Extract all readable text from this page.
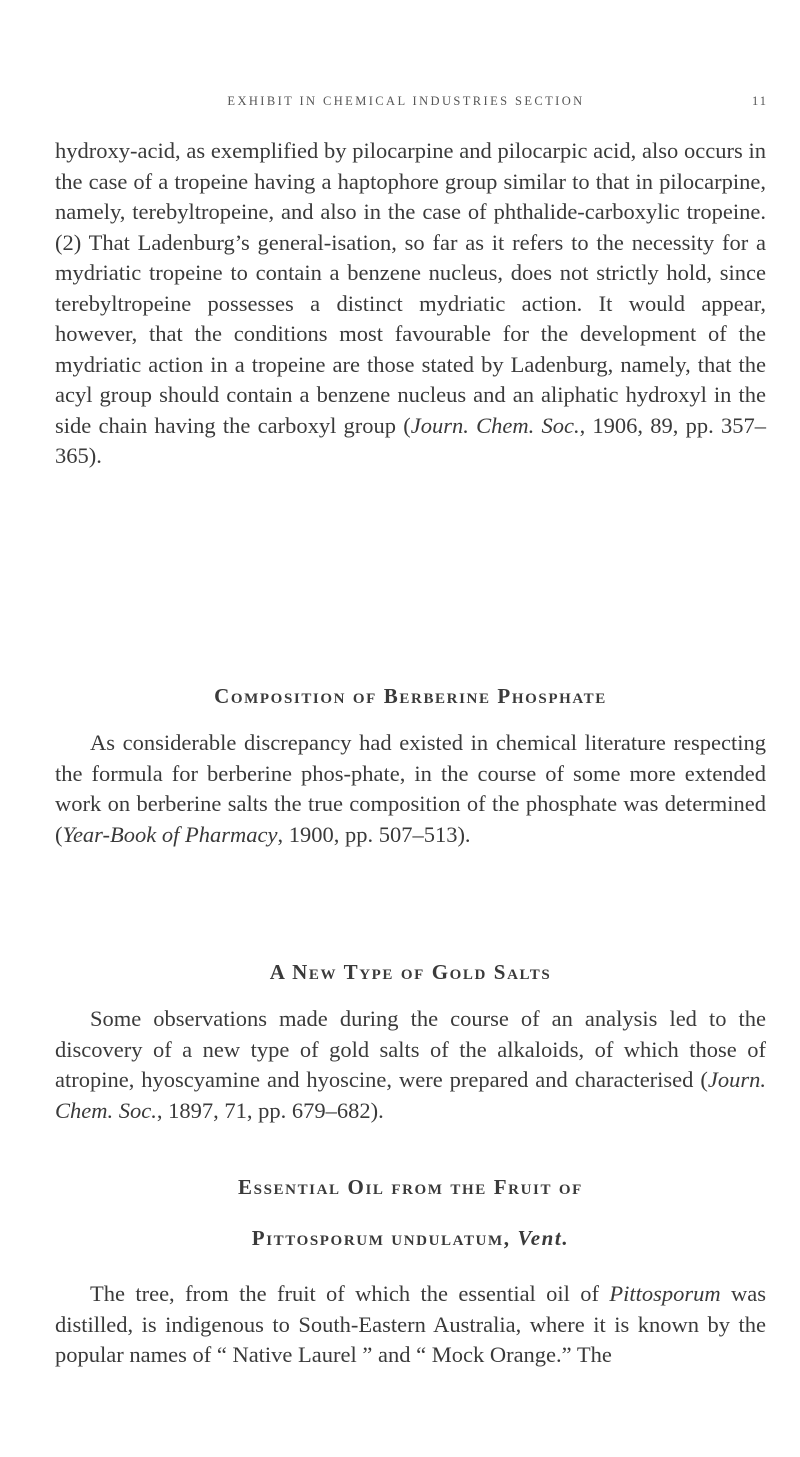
EXHIBIT IN CHEMICAL INDUSTRIES SECTION	11

hydroxy-acid, as exemplified by pilocarpine and pilocarpic acid, also occurs in the case of a tropeine having a haptophore group similar to that in pilocarpine, namely, terebyltropeine, and also in the case of phthalide-carboxylic tropeine. (2) That Ladenburg’s general-isation, so far as it refers to the necessity for a mydriatic tropeine to contain a benzene nucleus, does not strictly hold, since terebyltropeine possesses a distinct mydriatic action. It would appear, however, that the conditions most favourable for the development of the mydriatic action in a tropeine are those stated by Ladenburg, namely, that the acyl group should contain a benzene nucleus and an aliphatic hydroxyl in the side chain having the carboxyl group (Journ. Chem. Soc., 1906, 89, pp. 357–365).

Composition of Berberine Phosphate

As considerable discrepancy had existed in chemical literature respecting the formula for berberine phos-phate, in the course of some more extended work on berberine salts the true composition of the phosphate was determined (Year-Book of Pharmacy, 1900, pp. 507–513).

A New Type of Gold Salts

Some observations made during the course of an analysis led to the discovery of a new type of gold salts of the alkaloids, of which those of atropine, hyoscyamine and hyoscine, were prepared and characterised (Journ. Chem. Soc., 1897, 71, pp. 679–682).

Essential Oil from the Fruit of
Pittosporum undulatum, Vent.

The tree, from the fruit of which the essential oil of Pittosporum was distilled, is indigenous to South-Eastern Australia, where it is known by the popular names of “ Native Laurel ” and “ Mock Orange.” The
